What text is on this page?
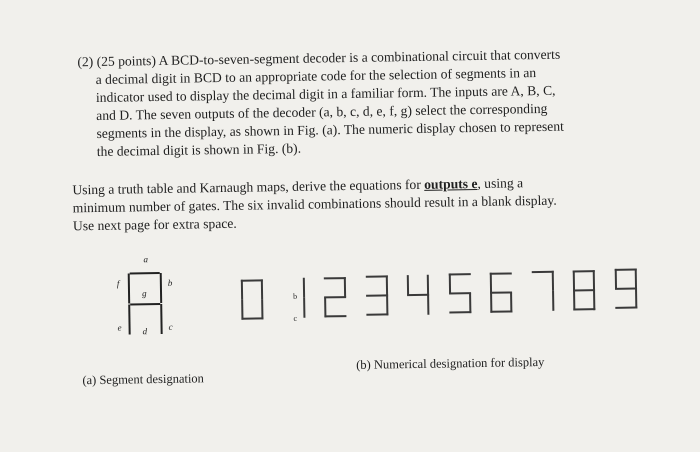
(2) (25 points) A BCD-to-seven-segment decoder is a combinational circuit that converts
a decimal digit in BCD to an appropriate code for the selection of segments in an
indicator used to display the decimal digit in a familiar form. The inputs are A, B, C,
and D. The seven outputs of the decoder (a, b, c, d, e, f, g) select the corresponding
segments in the display, as shown in Fig. (a). The numeric display chosen to represent
the decimal digit is shown in Fig. (b).
Using a truth table and Karnaugh maps, derive the equations for outputs e, using a
minimum number of gates. The six invalid combinations should result in a blank display.
Use next page for extra space.
a
f
g
b
e d c
b
c
(a) Segment designation
(b) Numerical designation for display
